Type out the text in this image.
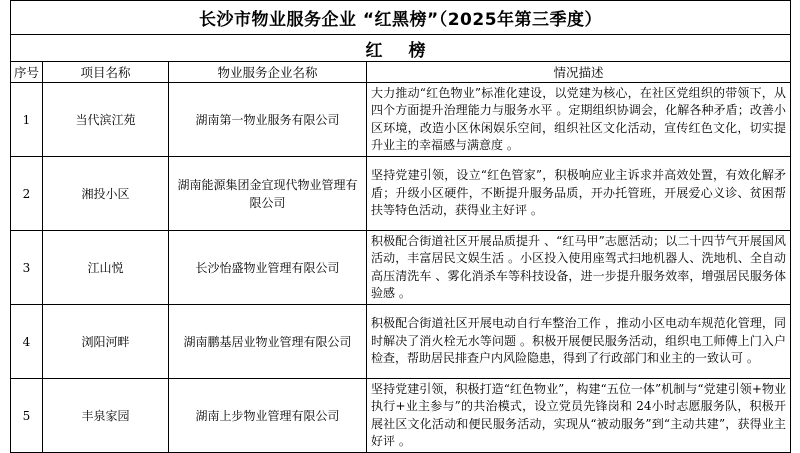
长沙市物业服务企业 “红黑榜”（2025年第三季度）			
红 榜			
序号	项目名称	物业服务企业名称	情况描述
1	当代滨江苑	湖南第一物业服务有限公司	大力推动“红色物业”标准化建设，以党建为核心，在社区党组织的带领下，从四个方面提升治理能力与服务水平 。定期组织协调会，化解各种矛盾；改善小区环境，改造小区休闲娱乐空间，组织社区文化活动，宣传红色文化，切实提升业主的幸福感与满意度 。
2	湘投小区	湖南能源集团金宜现代物业管理有限公司	坚持党建引领，设立“红色管家”，积极响应业主诉求并高效处置，有效化解矛盾；升级小区硬件，不断提升服务品质，开办托管班，开展爱心义诊、贫困帮扶等特色活动，获得业主好评 。
3	江山悦	长沙怡盛物业管理有限公司	积极配合街道社区开展品质提升 、“红马甲”志愿活动；以二十四节气开展国风活动，丰富居民文娱生活 。小区投入使用座驾式扫地机器人、洗地机、全自动高压清洗车 、雾化消杀车等科技设备，进一步提升服务效率，增强居民服务体验感 。
4	浏阳河畔	湖南鹏基居业物业管理有限公司	积极配合街道社区开展电动自行车整治工作 ，推动小区电动车规范化管理，同时解决了消火栓无水等问题 。积极开展便民服务活动，组织电工师傅上门入户检查，帮助居民排查户内风险隐患，得到了行政部门和业主的一致认可 。
5	丰泉家园	湖南上步物业管理有限公司	坚持党建引领，积极打造“红色物业”，构建“五位一体”机制与“党建引领+物业执行+业主参与”的共治模式，设立党员先锋岗和 24小时志愿服务队，积极开展社区文化活动和便民服务活动，实现从“被动服务”到“主动共建”，获得业主好评 。
